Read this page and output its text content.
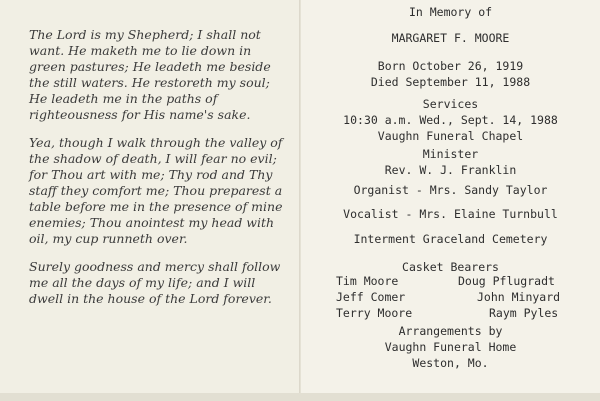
The Lord is my Shepherd; I shall not want. He maketh me to lie down in green pastures; He leadeth me beside the still waters. He restoreth my soul; He leadeth me in the paths of righteousness for His name's sake.

Yea, though I walk through the valley of the shadow of death, I will fear no evil; for Thou art with me; Thy rod and Thy staff they comfort me; Thou preparest a table before me in the presence of mine enemies; Thou anointest my head with oil, my cup runneth over.

Surely goodness and mercy shall follow me all the days of my life; and I will dwell in the house of the Lord forever.

In Memory of
MARGARET F. MOORE
Born October 26, 1919
Died September 11, 1988
Services
10:30 a.m. Wed., Sept. 14, 1988
Vaughn Funeral Chapel
Minister
Rev. W. J. Franklin
Organist - Mrs. Sandy Taylor
Vocalist - Mrs. Elaine Turnbull
Interment Graceland Cemetery
Casket Bearers
Tim Moore
Jeff Comer
Terry Moore
Doug Pflugradt
John Minyard
Raym Pyles
Arrangements by
Vaughn Funeral Home
Weston, Mo.
